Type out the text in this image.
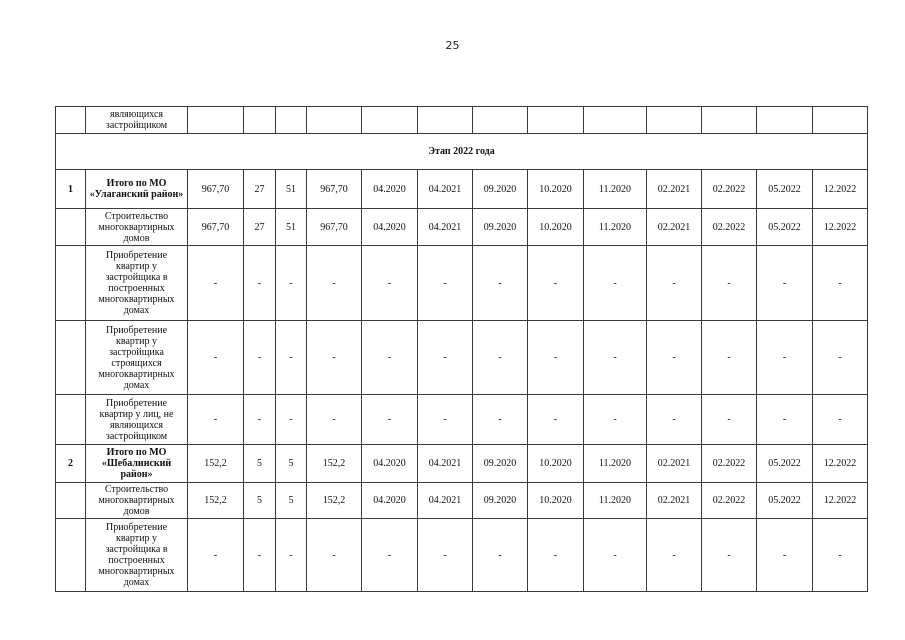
25
	являющихся застройщиком													
Этап 2022 года														
1	Итого по МО «Улаганский район»	967,70	27	51	967,70	04.2020	04.2021	09.2020	10.2020	11.2020	02.2021	02.2022	05.2022	12.2022
	Строительство многоквартирных домов	967,70	27	51	967,70	04.2020	04.2021	09.2020	10.2020	11.2020	02.2021	02.2022	05.2022	12.2022
	Приобретение квартир у застройщика в построенных многоквартирных домах	-	-	-	-	-	-	-	-	-	-	-	-	-
	Приобретение квартир у застройщика строящихся многоквартирных домах	-	-	-	-	-	-	-	-	-	-	-	-	-
	Приобретение квартир у лиц, не являющихся застройщиком	-	-	-	-	-	-	-	-	-	-	-	-	-
2	Итого по МО «Шебалинский район»	152,2	5	5	152,2	04.2020	04.2021	09.2020	10.2020	11.2020	02.2021	02.2022	05.2022	12.2022
	Строительство многоквартирных домов	152,2	5	5	152,2	04.2020	04.2021	09.2020	10.2020	11.2020	02.2021	02.2022	05.2022	12.2022
	Приобретение квартир у застройщика в построенных многоквартирных домах	-	-	-	-	-	-	-	-	-	-	-	-	-
